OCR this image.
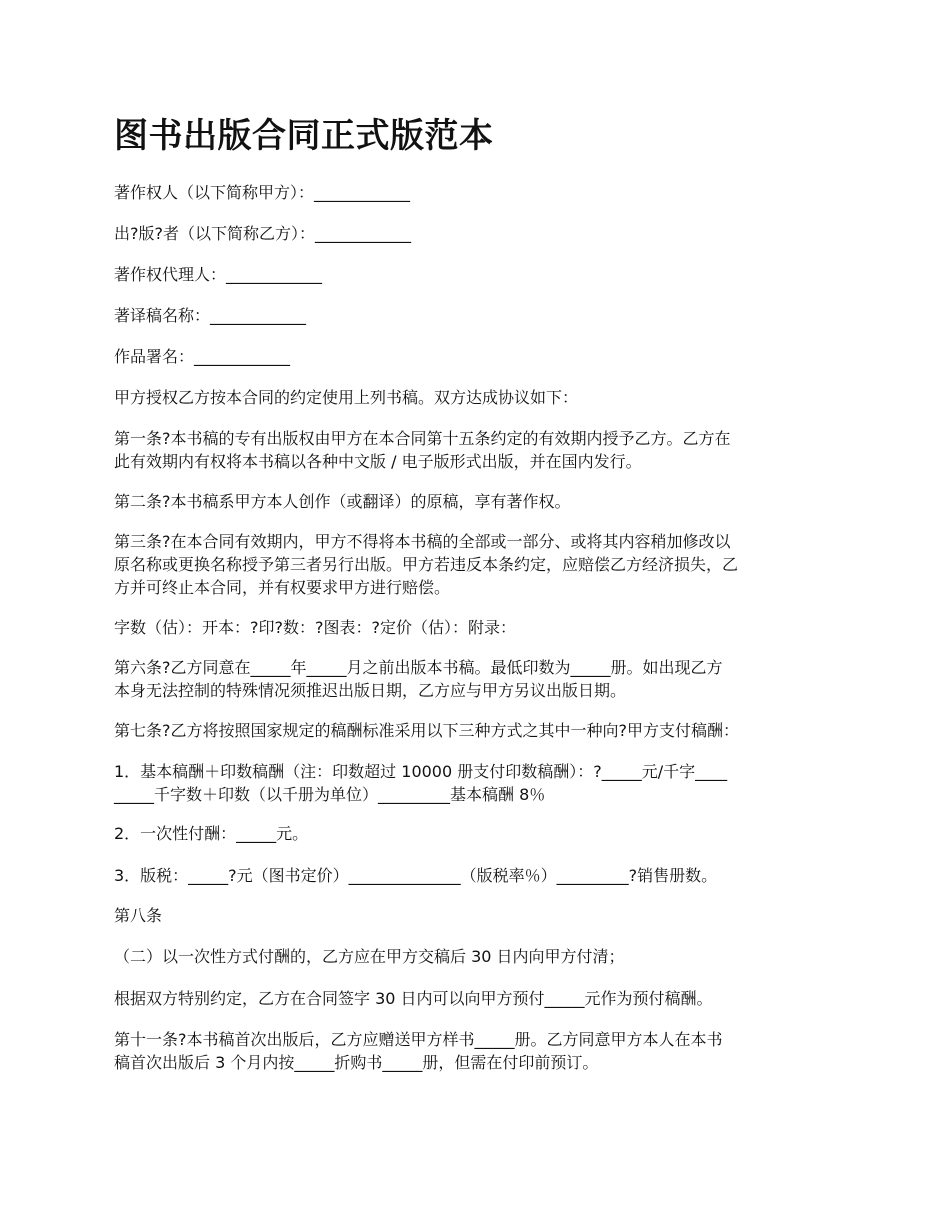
图书出版合同正式版范本

著作权人（以下简称甲方）：____________

出?版?者（以下简称乙方）：____________

著作权代理人：____________

著译稿名称：____________

作品署名：____________

甲方授权乙方按本合同的约定使用上列书稿。双方达成协议如下：

第一条?本书稿的专有出版权由甲方在本合同第十五条约定的有效期内授予乙方。乙方在
此有效期内有权将本书稿以各种中文版 / 电子版形式出版，并在国内发行。

第二条?本书稿系甲方本人创作（或翻译）的原稿，享有著作权。

第三条?在本合同有效期内，甲方不得将本书稿的全部或一部分、或将其内容稍加修改以
原名称或更换名称授予第三者另行出版。甲方若违反本条约定，应赔偿乙方经济损失，乙
方并可终止本合同，并有权要求甲方进行赔偿。

字数（估）：开本：?印?数：?图表：?定价（估）：附录：

第六条?乙方同意在_____年_____月之前出版本书稿。最低印数为_____册。如出现乙方
本身无法控制的特殊情况须推迟出版日期，乙方应与甲方另议出版日期。

第七条?乙方将按照国家规定的稿酬标准采用以下三种方式之其中一种向?甲方支付稿酬：

1．基本稿酬＋印数稿酬（注：印数超过 10000 册支付印数稿酬）：?_____元/千字____
_____千字数＋印数（以千册为单位）_________基本稿酬 8％

2．一次性付酬：_____元。

3．版税：_____?元（图书定价）______________（版税率％）_________?销售册数。

第八条

（二）以一次性方式付酬的，乙方应在甲方交稿后 30 日内向甲方付清；

根据双方特别约定，乙方在合同签字 30 日内可以向甲方预付_____元作为预付稿酬。

第十一条?本书稿首次出版后，乙方应赠送甲方样书_____册。乙方同意甲方本人在本书
稿首次出版后 3 个月内按_____折购书_____册，但需在付印前预订。
